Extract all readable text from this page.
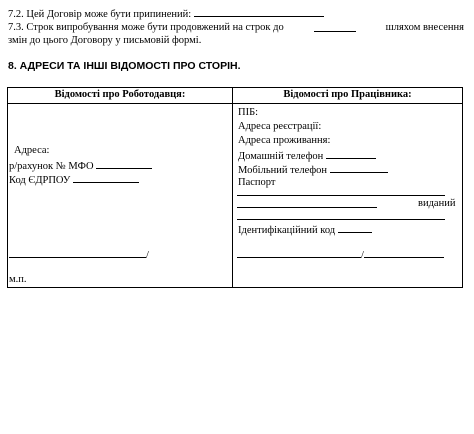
7.2. Цей Договір може бути припинений:
7.3. Строк випробування може бути продовжений на строк до	шляхом внесення
змін до цього Договору у письмовій формі.
8. АДРЕСИ ТА ІНШІ ВІДОМОСТІ ПРО СТОРІН.
Відомості про Роботодавця:	Відомості про Працівника:
Адреса:
р/рахунок № МФО
Код ЄДРПОУ
/
м.п.
ПІБ:
Адреса реєстрації:
Адреса проживання:
Домашній телефон
Мобільний телефон
Паспорт
виданий
Ідентифікаційний код
/
